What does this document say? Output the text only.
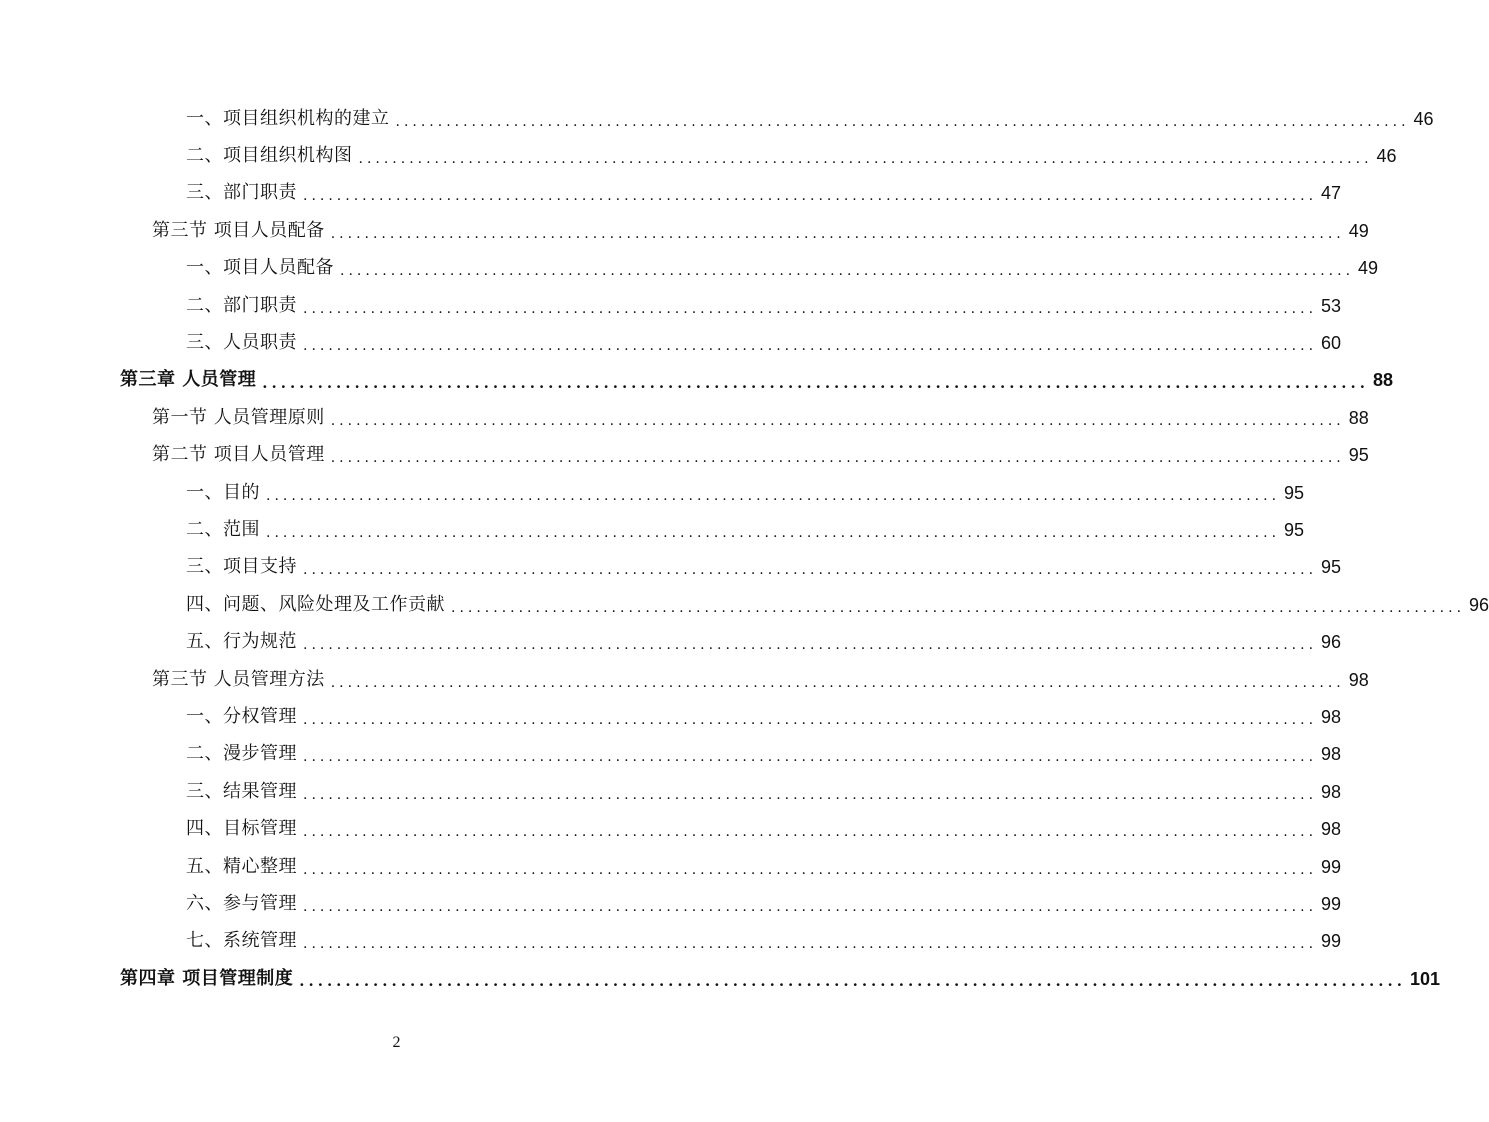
一、项目组织机构的建立 ........................................................................................................................ 46
二、项目组织机构图 ........................................................................................................................ 46
三、部门职责 ........................................................................................................................ 47
第三节 项目人员配备 ........................................................................................................................ 49
一、项目人员配备 ........................................................................................................................ 49
二、部门职责 ........................................................................................................................ 53
三、人员职责 ........................................................................................................................ 60
第三章 人员管理 ........................................................................................................................ 88
第一节 人员管理原则 ........................................................................................................................ 88
第二节 项目人员管理 ........................................................................................................................ 95
一、目的 ........................................................................................................................ 95
二、范围 ........................................................................................................................ 95
三、项目支持 ........................................................................................................................ 95
四、问题、风险处理及工作贡献 ........................................................................................................................ 96
五、行为规范 ........................................................................................................................ 96
第三节 人员管理方法 ........................................................................................................................ 98
一、分权管理 ........................................................................................................................ 98
二、漫步管理 ........................................................................................................................ 98
三、结果管理 ........................................................................................................................ 98
四、目标管理 ........................................................................................................................ 98
五、精心整理 ........................................................................................................................ 99
六、参与管理 ........................................................................................................................ 99
七、系统管理 ........................................................................................................................ 99
第四章 项目管理制度 ........................................................................................................................ 101
2
